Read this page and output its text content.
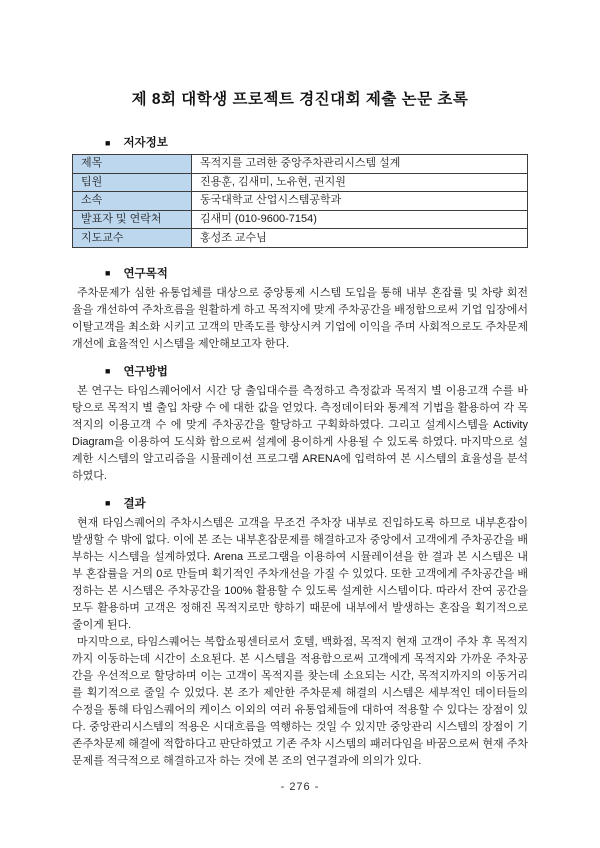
제 8회 대학생 프로젝트 경진대회 제출 논문 초록
■ 저자정보
제목	목적지를 고려한 중앙주차관리시스템 설계
팀원	진용훈, 김새미, 노유현, 권지원
소속	동국대학교 산업시스템공학과
발표자 및 연락처	김새미 (010-9600-7154)
지도교수	홍성조 교수님
■ 연구목적

주차문제가 심한 유통업체를 대상으로 중앙통제 시스템 도입을 통해 내부 혼잡률 및 차량 회전율을 개선하여 주차흐름을 원활하게 하고 목적지에 맞게 주차공간을 배정함으로써 기업 입장에서 이탈고객을 최소화 시키고 고객의 만족도를 향상시켜 기업에 이익을 주며 사회적으로도 주차문제 개선에 효율적인 시스템을 제안해보고자 한다.

■ 연구방법

본 연구는 타임스퀘어에서 시간 당 출입대수를 측정하고 측정값과 목적지 별 이용고객 수를 바탕으로 목적지 별 출입 차량 수 에 대한 값을 얻었다. 측정데이터와 통계적 기법을 활용하여 각 목적지의 이용고객 수 에 맞게 주차공간을 할당하고 구획화하였다. 그리고 설계시스템을 Activity Diagram을 이용하여 도식화 함으로써 설계에 용이하게 사용될 수 있도록 하였다. 마지막으로 설계한 시스템의 알고리즘을 시뮬레이션 프로그램 ARENA에 입력하여 본 시스템의 효율성을 분석하였다.

■ 결과

현재 타임스퀘어의 주차시스템은 고객을 무조건 주차장 내부로 진입하도록 하므로 내부혼잡이 발생할 수 밖에 없다. 이에 본 조는 내부혼잡문제를 해결하고자 중앙에서 고객에게 주차공간을 배부하는 시스템을 설계하였다. Arena 프로그램을 이용하여 시뮬레이션을 한 결과 본 시스템은 내부 혼잡률을 거의 0로 만들며 획기적인 주차개선을 가질 수 있었다. 또한 고객에게 주차공간을 배정하는 본 시스템은 주차공간을 100% 활용할 수 있도록 설계한 시스템이다. 따라서 잔여 공간을 모두 활용하며 고객은 정해진 목적지로만 향하기 때문에 내부에서 발생하는 혼잡을 획기적으로 줄이게 된다.

마지막으로, 타임스퀘어는 복합쇼핑센터로서 호텔, 백화점, 목적지 현재 고객이 주차 후 목적지까지 이동하는데 시간이 소요된다. 본 시스템을 적용함으로써 고객에게 목적지와 가까운 주차공간을 우선적으로 할당하며 이는 고객이 목적지를 찾는데 소요되는 시간, 목적지까지의 이동거리를 획기적으로 줄일 수 있었다. 본 조가 제안한 주차문제 해결의 시스템은 세부적인 데이터들의 수정을 통해 타임스퀘어의 케이스 이외의 여러 유통업체들에 대하여 적용할 수 있다는 장점이 있다. 중앙관리시스템의 적용은 시대흐름을 역행하는 것일 수 있지만 중앙관리 시스템의 장점이 기존주차문제 해결에 적합하다고 판단하였고 기존 주차 시스템의 패러다임을 바꿈으로써 현재 주차문제를 적극적으로 해결하고자 하는 것에 본 조의 연구결과에 의의가 있다.

- 276 -
